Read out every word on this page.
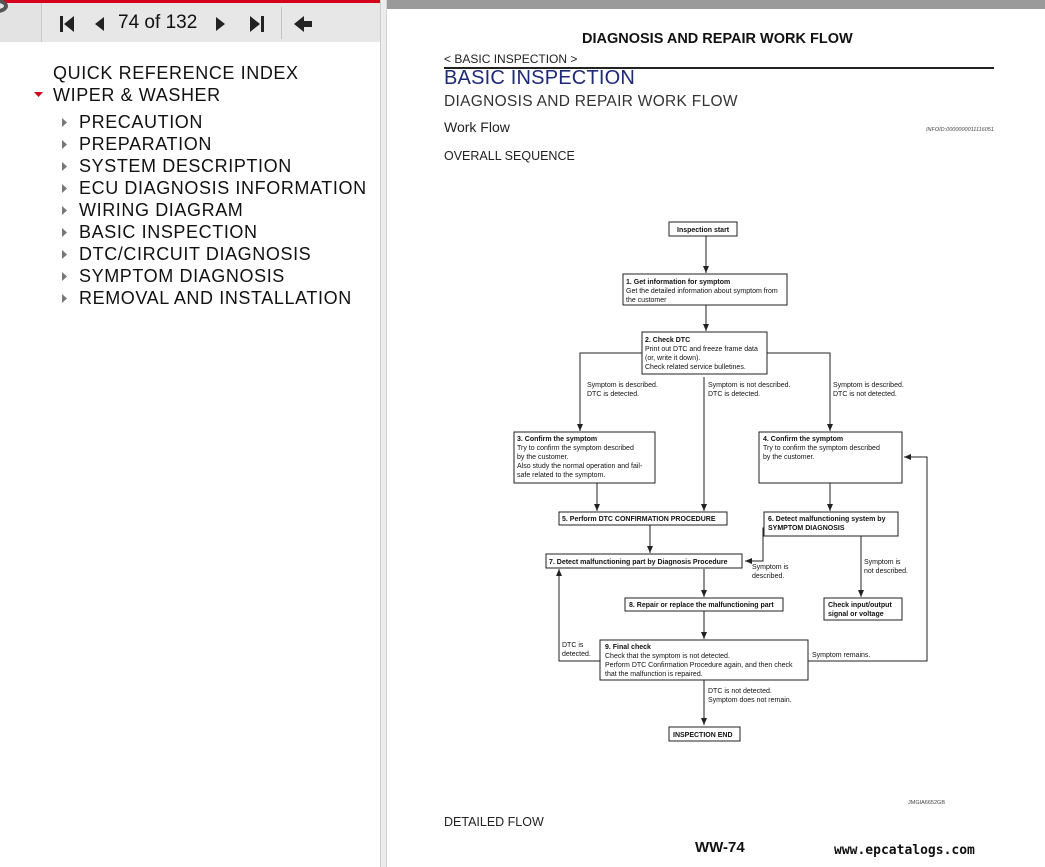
74 of 132
QUICK REFERENCE INDEX
WIPER & WASHER
PRECAUTION
PREPARATION
SYSTEM DESCRIPTION
ECU DIAGNOSIS INFORMATION
WIRING DIAGRAM
BASIC INSPECTION
DTC/CIRCUIT DIAGNOSIS
SYMPTOM DIAGNOSIS
REMOVAL AND INSTALLATION
DIAGNOSIS AND REPAIR WORK FLOW
< BASIC INSPECTION >
BASIC INSPECTION
DIAGNOSIS AND REPAIR WORK FLOW
Work Flow	INFOID:0000000011116051
OVERALL SEQUENCE
Inspection start
1. Get information for symptom
Get the detailed information about symptom from
the customer
2. Check DTC
Print out DTC and freeze frame data
(or, write it down).
Check related service bulletines.
Symptom is described.
DTC is detected.
Symptom is not described.
DTC is detected.
Symptom is described.
DTC is not detected.
3. Confirm the symptom
Try to confirm the symptom described
by the customer.
Also study the normal operation and fail-
safe related to the symptom.
4. Confirm the symptom
Try to confirm the symptom described
by the customer.
5. Perform DTC CONFIRMATION PROCEDURE	6. Detect malfunctioning system by
SYMPTOM DIAGNOSIS
7. Detect malfunctioning part by Diagnosis Procedure
Symptom is
described.
Symptom is
not described.
8. Repair or replace the malfunctioning part	Check input/output
signal or voltage
9. Final check
Check that the symptom is not detected.
Perform DTC Confirmation Procedure again, and then check
that the malfunction is repaired.
DTC is
detected.	Symptom remains.
DTC is not detected.
Symptom does not remain.
INSPECTION END
JMGIA6652GB
DETAILED FLOW
WW-74	www.epcatalogs.com
